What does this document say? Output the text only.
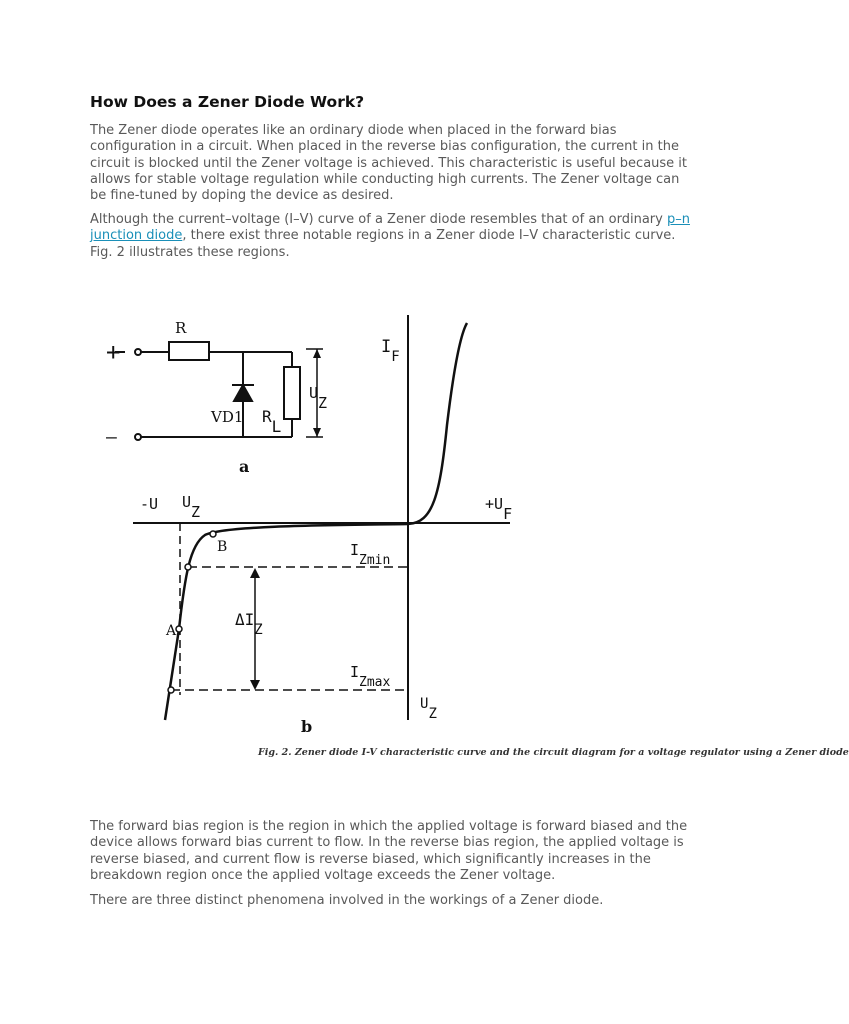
How Does a Zener Diode Work?

The Zener diode operates like an ordinary diode when placed in the forward bias configuration in a circuit. When placed in the reverse bias configuration, the current in the circuit is blocked until the Zener voltage is achieved. This characteristic is useful because it allows for stable voltage regulation while conducting high currents. The Zener voltage can be fine-tuned by doping the device as desired.

Although the current–voltage (I–V) curve of a Zener diode resembles that of an ordinary p–n junction diode, there exist three notable regions in a Zener diode I–V characteristic curve. Fig. 2 illustrates these regions.

+
—
R
VD1 RL
UZ
a
$I_F$
-U UZ	+UF
B
A
IZmin
ΔIZ
IZmax
UZ
b
Fig. 2. Zener diode I-V characteristic curve and the circuit diagram for a voltage regulator using a Zener diode

The forward bias region is the region in which the applied voltage is forward biased and the device allows forward bias current to flow. In the reverse bias region, the applied voltage is reverse biased, and current flow is reverse biased, which significantly increases in the breakdown region once the applied voltage exceeds the Zener voltage.

There are three distinct phenomena involved in the workings of a Zener diode.
